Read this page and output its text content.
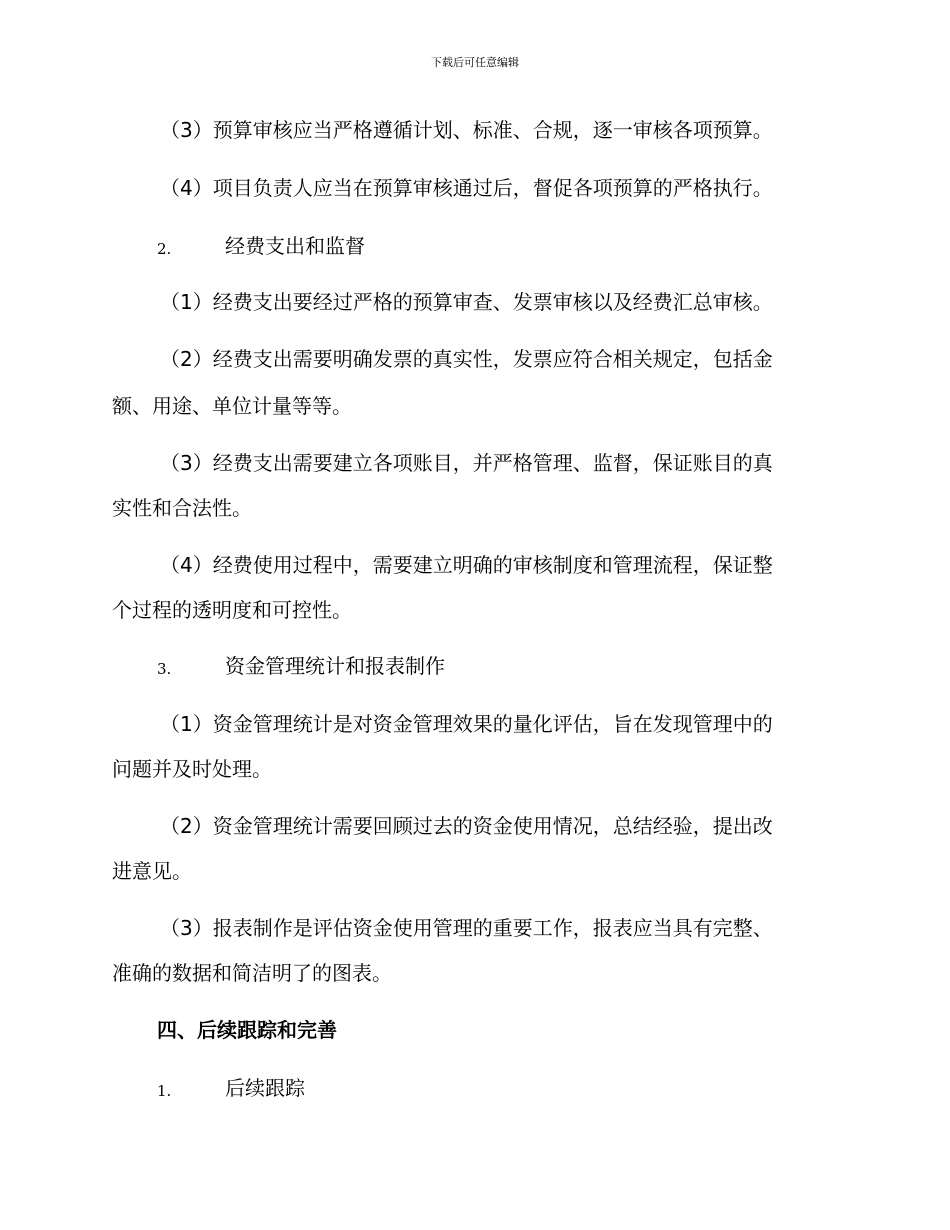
下载后可任意编辑
（3）预算审核应当严格遵循计划、标准、合规，逐一审核各项预算。
（4）项目负责人应当在预算审核通过后，督促各项预算的严格执行。
2.	经费支出和监督
（1）经费支出要经过严格的预算审查、发票审核以及经费汇总审核。
（2）经费支出需要明确发票的真实性，发票应符合相关规定，包括金
额、用途、单位计量等等。
（3）经费支出需要建立各项账目，并严格管理、监督，保证账目的真
实性和合法性。
（4）经费使用过程中，需要建立明确的审核制度和管理流程，保证整
个过程的透明度和可控性。
3.	资金管理统计和报表制作
（1）资金管理统计是对资金管理效果的量化评估，旨在发现管理中的
问题并及时处理。
（2）资金管理统计需要回顾过去的资金使用情况，总结经验，提出改
进意见。
（3）报表制作是评估资金使用管理的重要工作，报表应当具有完整、
准确的数据和简洁明了的图表。
四、后续跟踪和完善
1.	后续跟踪
